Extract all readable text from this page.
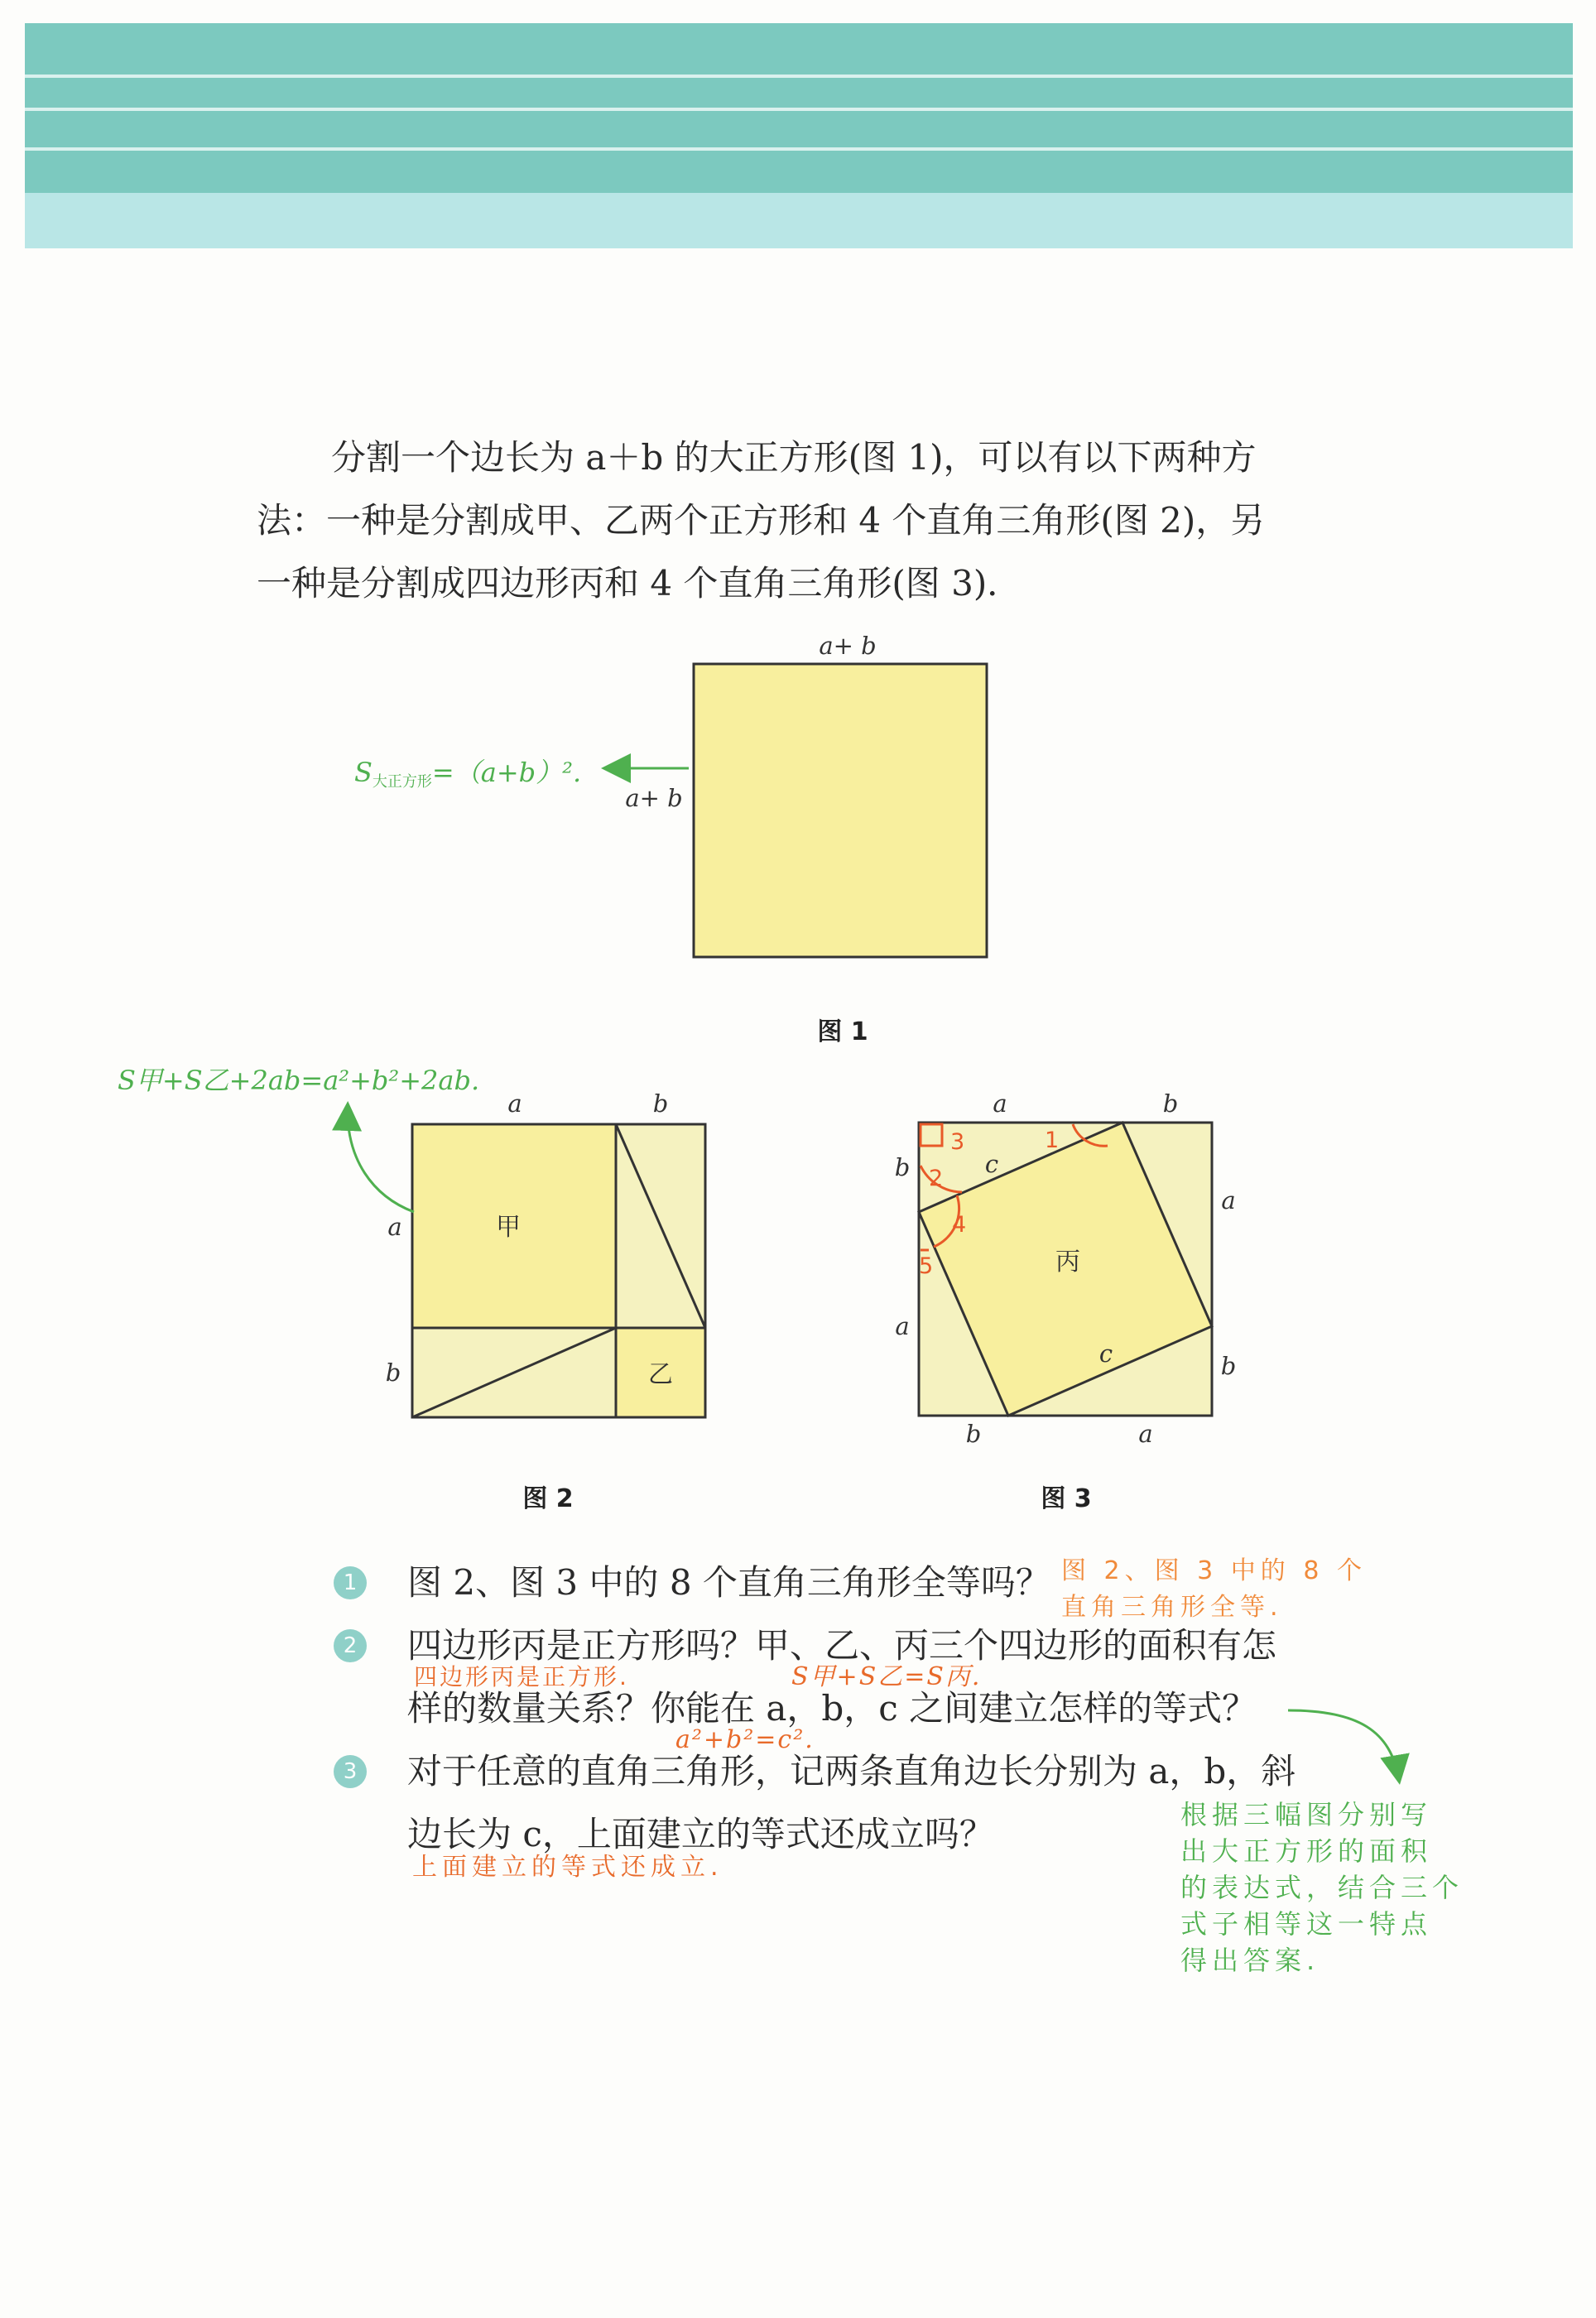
分割一个边长为 a＋b 的大正方形(图 1)，可以有以下两种方

法：一种是分割成甲、乙两个正方形和 4 个直角三角形(图 2)，另

一种是分割成四边形丙和 4 个直角三角形(图 3)．

a+ b
a+ b
S大正方形=（a+b）².
图 1
a	b
a
b
甲
乙
S甲+S乙+2ab=a²+b²+2ab.
图 2
a	b
b
a
a
b
b	a
c
c
丙
3
2
4
5
1
图 3
1 图 2、图 3 中的 8 个直角三角形全等吗？
2 四边形丙是正方形吗？甲、乙、丙三个四边形的面积有怎
样的数量关系？你能在 a，b，c 之间建立怎样的等式？
3 对于任意的直角三角形，记两条直角边长分别为 a，b，斜
边长为 c，上面建立的等式还成立吗？
图 2、图 3 中的 8 个
直角三角形全等.
四边形丙是正方形.	S甲+S乙=S丙.
a²+b²=c².
上面建立的等式还成立.
根据三幅图分别写
出大正方形的面积
的表达式，结合三个
式子相等这一特点
得出答案.
